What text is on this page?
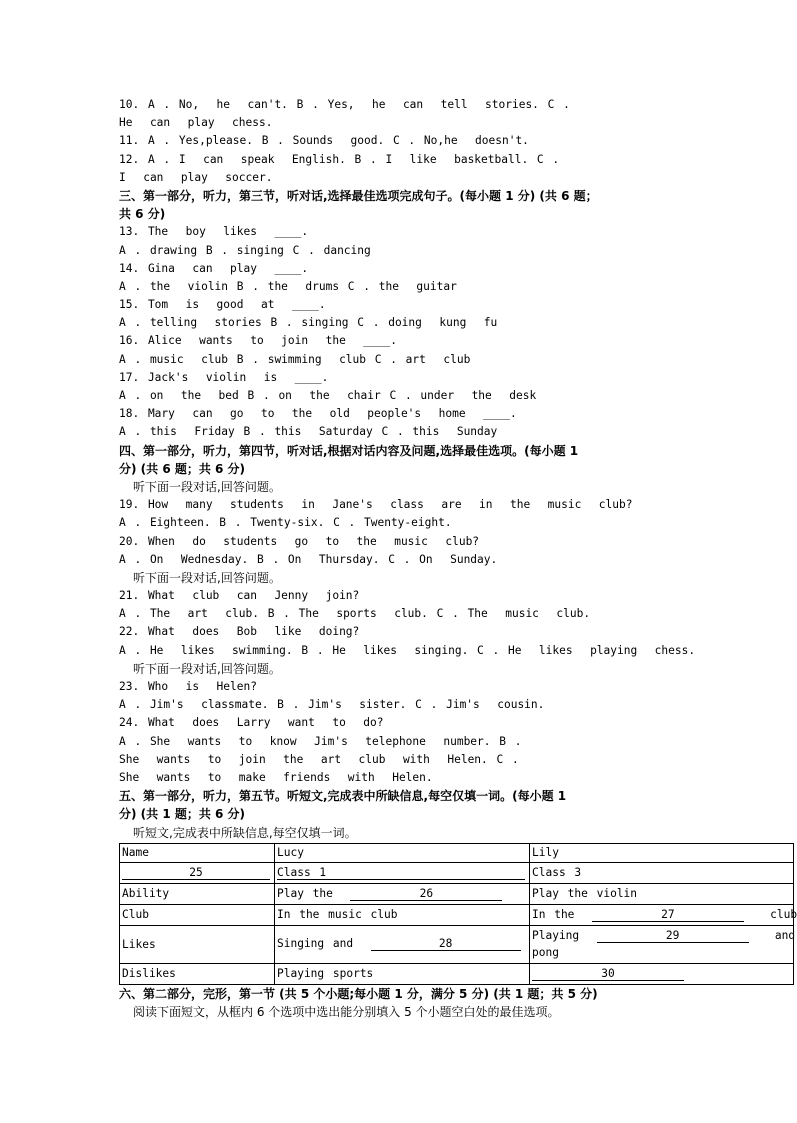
10. A . No,  he  can't. B . Yes,  he  can  tell  stories. C .
He  can  play  chess.
11. A . Yes,please. B . Sounds  good. C . No,he  doesn't.
12. A . I  can  speak  English. B . I  like  basketball. C .
I  can  play  soccer.
三、第一部分，听力，第三节，听对话,选择最佳选项完成句子。(每小题 1 分) (共 6 题；
共 6 分)
13. The  boy  likes  ____.
A . drawing B . singing C . dancing
14. Gina  can  play  ____.
A . the  violin B . the  drums C . the  guitar
15. Tom  is  good  at  ____.
A . telling  stories B . singing C . doing  kung  fu
16. Alice  wants  to  join  the  ____.
A . music  club B . swimming  club C . art  club
17. Jack's  violin  is  ____.
A . on  the  bed B . on  the  chair C . under  the  desk
18. Mary  can  go  to  the  old  people's  home  ____.
A . this  Friday B . this  Saturday C . this  Sunday
四、第一部分，听力，第四节，听对话,根据对话内容及问题,选择最佳选项。(每小题 1
分) (共 6 题；共 6 分)
听下面一段对话,回答问题。
19. How  many  students  in  Jane's  class  are  in  the  music  club?
A . Eighteen. B . Twenty-six. C . Twenty-eight.
20. When  do  students  go  to  the  music  club?
A . On  Wednesday. B . On  Thursday. C . On  Sunday.
听下面一段对话,回答问题。
21. What  club  can  Jenny  join?
A . The  art  club. B . The  sports  club. C . The  music  club.
22. What  does  Bob  like  doing?
A . He  likes  swimming. B . He  likes  singing. C . He  likes  playing  chess.
听下面一段对话,回答问题。
23. Who  is  Helen?
A . Jim's  classmate. B . Jim's  sister. C . Jim's  cousin.
24. What  does  Larry  want  to  do?
A . She  wants  to  know  Jim's  telephone  number. B .
She  wants  to  join  the  art  club  with  Helen. C .
She  wants  to  make  friends  with  Helen.
五、第一部分，听力，第五节。听短文,完成表中所缺信息,每空仅填一词。(每小题 1
分) (共 1 题；共 6 分)
听短文,完成表中所缺信息,每空仅填一词。
Name	Lucy	Lily
25	Class 1	Class 3
Ability	Play the 26	Play the violin
Club	In the music club	In the 27 club
Likes	Singing and 28	Playing 29 and
pong
Dislikes	Playing sports	30
六、第二部分，完形，第一节 (共 5 个小题;每小题 1 分，满分 5 分) (共 1 题；共 5 分)
阅读下面短文，从框内 6 个选项中选出能分别填入 5 个小题空白处的最佳选项。
